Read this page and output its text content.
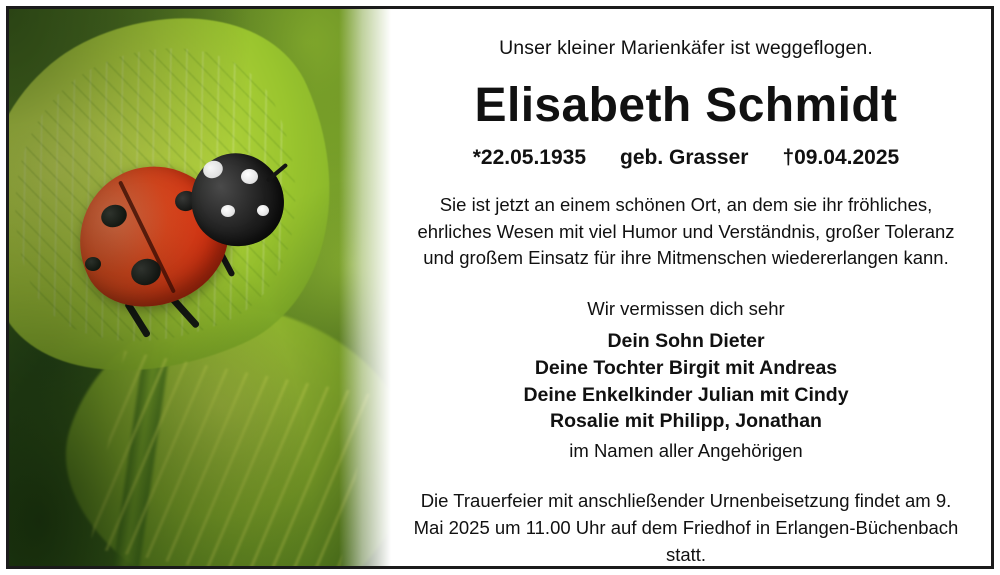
Unser kleiner Marienkäfer ist weggeflogen.

Elisabeth Schmidt
*22.05.1935 geb. Grasser †09.04.2025

Sie ist jetzt an einem schönen Ort, an dem sie ihr fröhliches, ehrliches Wesen mit viel Humor und Verständnis, großer Toleranz und großem Einsatz für ihre Mitmenschen wiedererlangen kann.

Wir vermissen dich sehr

Dein Sohn Dieter
Deine Tochter Birgit mit Andreas
Deine Enkelkinder Julian mit Cindy
Rosalie mit Philipp, Jonathan

im Namen aller Angehörigen

Die Trauerfeier mit anschließender Urnenbeisetzung findet am 9. Mai 2025 um 11.00 Uhr auf dem Friedhof in Erlangen-Büchenbach statt.
